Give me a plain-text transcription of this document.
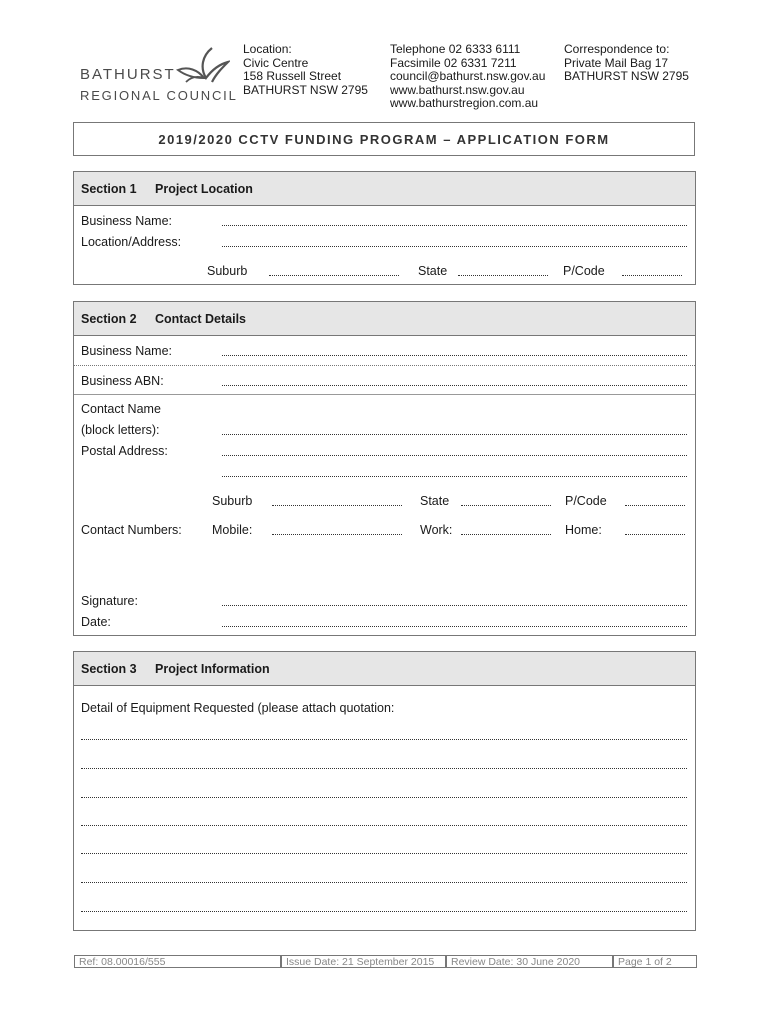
BATHURST
REGIONAL COUNCIL
Location:
Civic Centre
158 Russell Street
BATHURST NSW 2795
Telephone 02 6333 6111
Facsimile 02 6331 7211
council@bathurst.nsw.gov.au
www.bathurst.nsw.gov.au
www.bathurstregion.com.au
Correspondence to:
Private Mail Bag 17
BATHURST NSW 2795
2019/2020 CCTV FUNDING PROGRAM – APPLICATION FORM
Section 1 Project Location
Business Name:
Location/Address:
Suburb	State	P/Code
Section 2 Contact Details
Business Name:
Business ABN:
Contact Name
(block letters):
Postal Address:
Suburb	State	P/Code
Contact Numbers: Mobile:	Work:	Home:
Signature:
Date:
Section 3 Project Information
Detail of Equipment Requested (please attach quotation:
Ref: 08.00016/555	Issue Date: 21 September 2015	Review Date: 30 June 2020	Page 1 of 2
